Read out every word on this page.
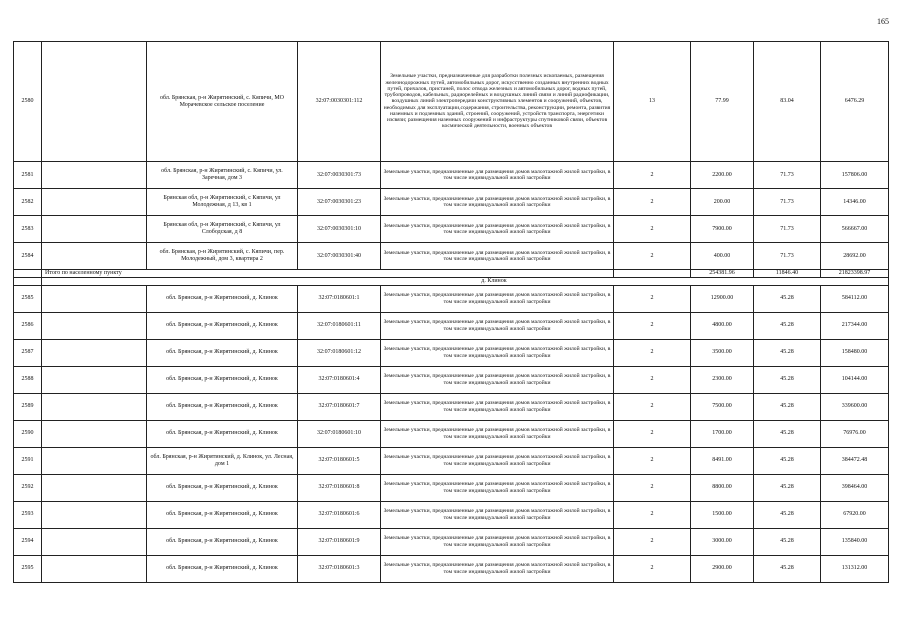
165
2580		обл. Брянская, р-н Жирятинский, с. Кяпичи, МО Морачевское сельское поселение	32:07:0030301:112	Земельные участки, предназначенные для разработки полезных ископаемых, размещения железнодорожных путей, автомобильных дорог, искусственно созданных внутренних водных путей, причалов, пристаней, полос отвода железных и автомобильных дорог, водных путей, трубопроводов, кабельных, радиорелейных и воздушных линий связи и линий радиофикации, воздушных линий электропередачи конструктивных элементов и сооружений, объектов, необходимых для эксплуатации,содержания, строительства, реконструкции, ремонта, развития наземных и подземных зданий, строений, сооружений, устройств транспорта, энергетики изсвязи; размещения наземных сооружений и инфраструктуры спутниковой связи, объектов космической деятельности, военных объектов	13	77.99	83.04	6476.29
2581		обл. Брянская, р-н Жирятинский, с. Кяпичи, ул. Заречная, дом 3	32:07:0030301:73	Земельные участки, предназначенные для размещения домов малоэтажной жилой застройки, в том числе индивидуальной жилой застройки	2	2200.00	71.73	157806.00
2582		Брянская обл, р-н Жирятинский, с Кяпичи, ул Молодежная, д 13, кв 1	32:07:0030301:23	Земельные участки, предназначенные для размещения домов малоэтажной жилой застройки, в том числе индивидуальной жилой застройки	2	200.00	71.73	14346.00
2583		Брянская обл, р-н Жирятинский, с Кяпичи, ул Слободская, д 8	32:07:0030301:10	Земельные участки, предназначенные для размещения домов малоэтажной жилой застройки, в том числе индивидуальной жилой застройки	2	7900.00	71.73	566667.00
2584		обл. Брянская, р-н Жирятинский, с. Кяпичи, пер. Молодежный, дом 3, квартира 2	32:07:0030301:40	Земельные участки, предназначенные для размещения домов малоэтажной жилой застройки, в том числе индивидуальной жилой застройки	2	400.00	71.73	28692.00
	Итого по населенному пункту					254381.96	11846.40	21823398.97
	д. Клинок							
2585		обл. Брянская, р-н Жирятинский, д. Клинок	32:07:0180601:1	Земельные участки, предназначенные для размещения домов малоэтажной жилой застройки, в том числе индивидуальной жилой застройки	2	12900.00	45.28	584112.00
2586		обл. Брянская, р-н Жирятинский, д. Клинок	32:07:0180601:11	Земельные участки, предназначенные для размещения домов малоэтажной жилой застройки, в том числе индивидуальной жилой застройки	2	4800.00	45.28	217344.00
2587		обл. Брянская, р-н Жирятинский, д. Клинок	32:07:0180601:12	Земельные участки, предназначенные для размещения домов малоэтажной жилой застройки, в том числе индивидуальной жилой застройки	2	3500.00	45.28	158480.00
2588		обл. Брянская, р-н Жирятинский, д. Клинок	32:07:0180601:4	Земельные участки, предназначенные для размещения домов малоэтажной жилой застройки, в том числе индивидуальной жилой застройки	2	2300.00	45.28	104144.00
2589		обл. Брянская, р-н Жирятинский, д. Клинок	32:07:0180601:7	Земельные участки, предназначенные для размещения домов малоэтажной жилой застройки, в том числе индивидуальной жилой застройки	2	7500.00	45.28	339600.00
2590		обл. Брянская, р-н Жирятинский, д. Клинок	32:07:0180601:10	Земельные участки, предназначенные для размещения домов малоэтажной жилой застройки, в том числе индивидуальной жилой застройки	2	1700.00	45.28	76976.00
2591		обл. Брянская, р-н Жирятинский, д. Клинок, ул. Лесная, дом 1	32:07:0180601:5	Земельные участки, предназначенные для размещения домов малоэтажной жилой застройки, в том числе индивидуальной жилой застройки	2	8491.00	45.28	384472.48
2592		обл. Брянская, р-н Жирятинский, д. Клинок	32:07:0180601:8	Земельные участки, предназначенные для размещения домов малоэтажной жилой застройки, в том числе индивидуальной жилой застройки	2	8800.00	45.28	398464.00
2593		обл. Брянская, р-н Жирятинский, д. Клинок	32:07:0180601:6	Земельные участки, предназначенные для размещения домов малоэтажной жилой застройки, в том числе индивидуальной жилой застройки	2	1500.00	45.28	67920.00
2594		обл. Брянская, р-н Жирятинский, д. Клинок	32:07:0180601:9	Земельные участки, предназначенные для размещения домов малоэтажной жилой застройки, в том числе индивидуальной жилой застройки	2	3000.00	45.28	135840.00
2595		обл. Брянская, р-н Жирятинский, д. Клинок	32:07:0180601:3	Земельные участки, предназначенные для размещения домов малоэтажной жилой застройки, в том числе индивидуальной жилой застройки	2	2900.00	45.28	131312.00
